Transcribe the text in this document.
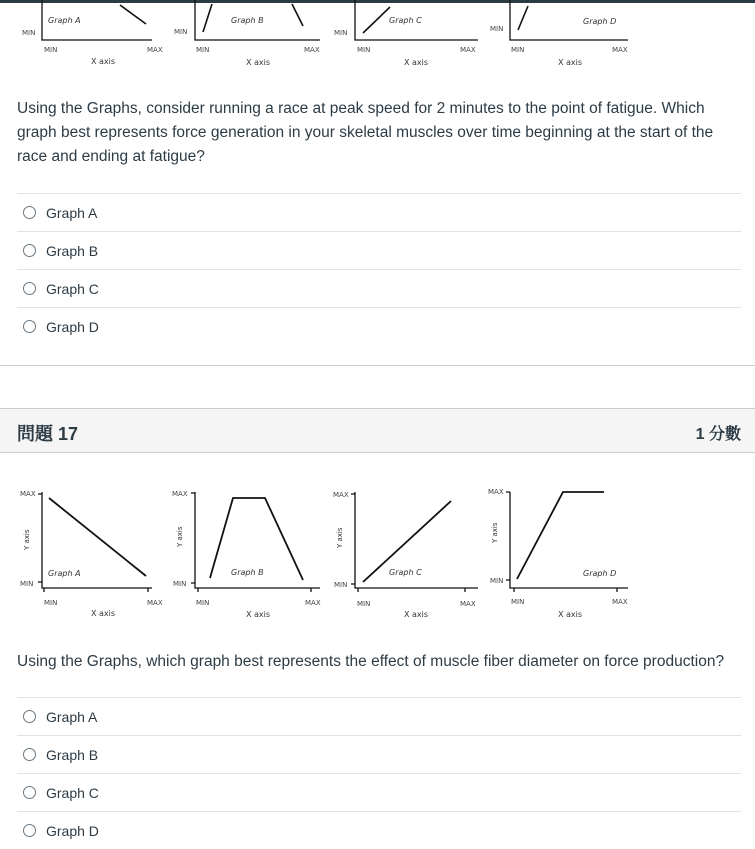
MIN
MIN	MAX
MIN
MIN	MAX
MIN
MIN	MAX
MIN
MIN	MAX
X axis	X axis	X axis	X axis
Graph A	Graph B	Graph C	Graph D

Using the Graphs, consider running a race at peak speed for 2 minutes to the point of fatigue. Which graph best represents force generation in your skeletal muscles over time beginning at the start of the race and ending at fatigue?

Graph A
Graph B
Graph C
Graph D
問題 17	1 分數
MAX
MIN
MIN	MAX
MAX
MIN
MIN	MAX
MAX
MIN
MIN	MAX
MAX
MIN
MIN	MAX
Y axis	Y axis	Y axis	Y axis
X axis	X axis	X axis	X axis
Graph A	Graph B	Graph C	Graph D

Using the Graphs, which graph best represents the effect of muscle fiber diameter on force production?

Graph A
Graph B
Graph C
Graph D
